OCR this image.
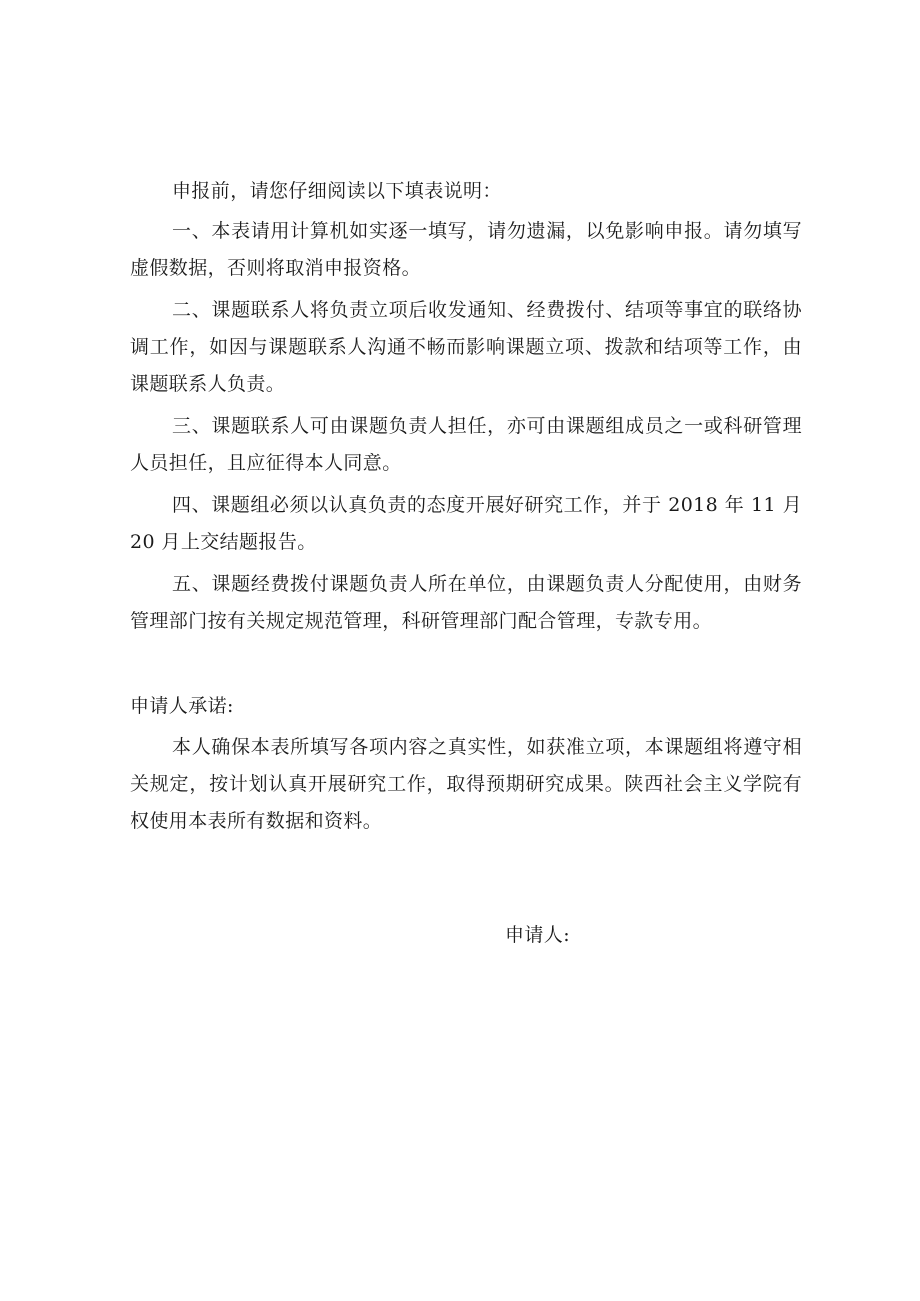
申报前，请您仔细阅读以下填表说明：

一、本表请用计算机如实逐一填写，请勿遗漏，以免影响申报。请勿填写虚假数据，否则将取消申报资格。

二、课题联系人将负责立项后收发通知、经费拨付、结项等事宜的联络协调工作，如因与课题联系人沟通不畅而影响课题立项、拨款和结项等工作，由课题联系人负责。

三、课题联系人可由课题负责人担任，亦可由课题组成员之一或科研管理人员担任，且应征得本人同意。

四、课题组必须以认真负责的态度开展好研究工作，并于 2018 年 11 月 20 月上交结题报告。

五、课题经费拨付课题负责人所在单位，由课题负责人分配使用，由财务管理部门按有关规定规范管理，科研管理部门配合管理，专款专用。

申请人承诺:

本人确保本表所填写各项内容之真实性，如获准立项，本课题组将遵守相关规定，按计划认真开展研究工作，取得预期研究成果。陕西社会主义学院有权使用本表所有数据和资料。

申请人:
